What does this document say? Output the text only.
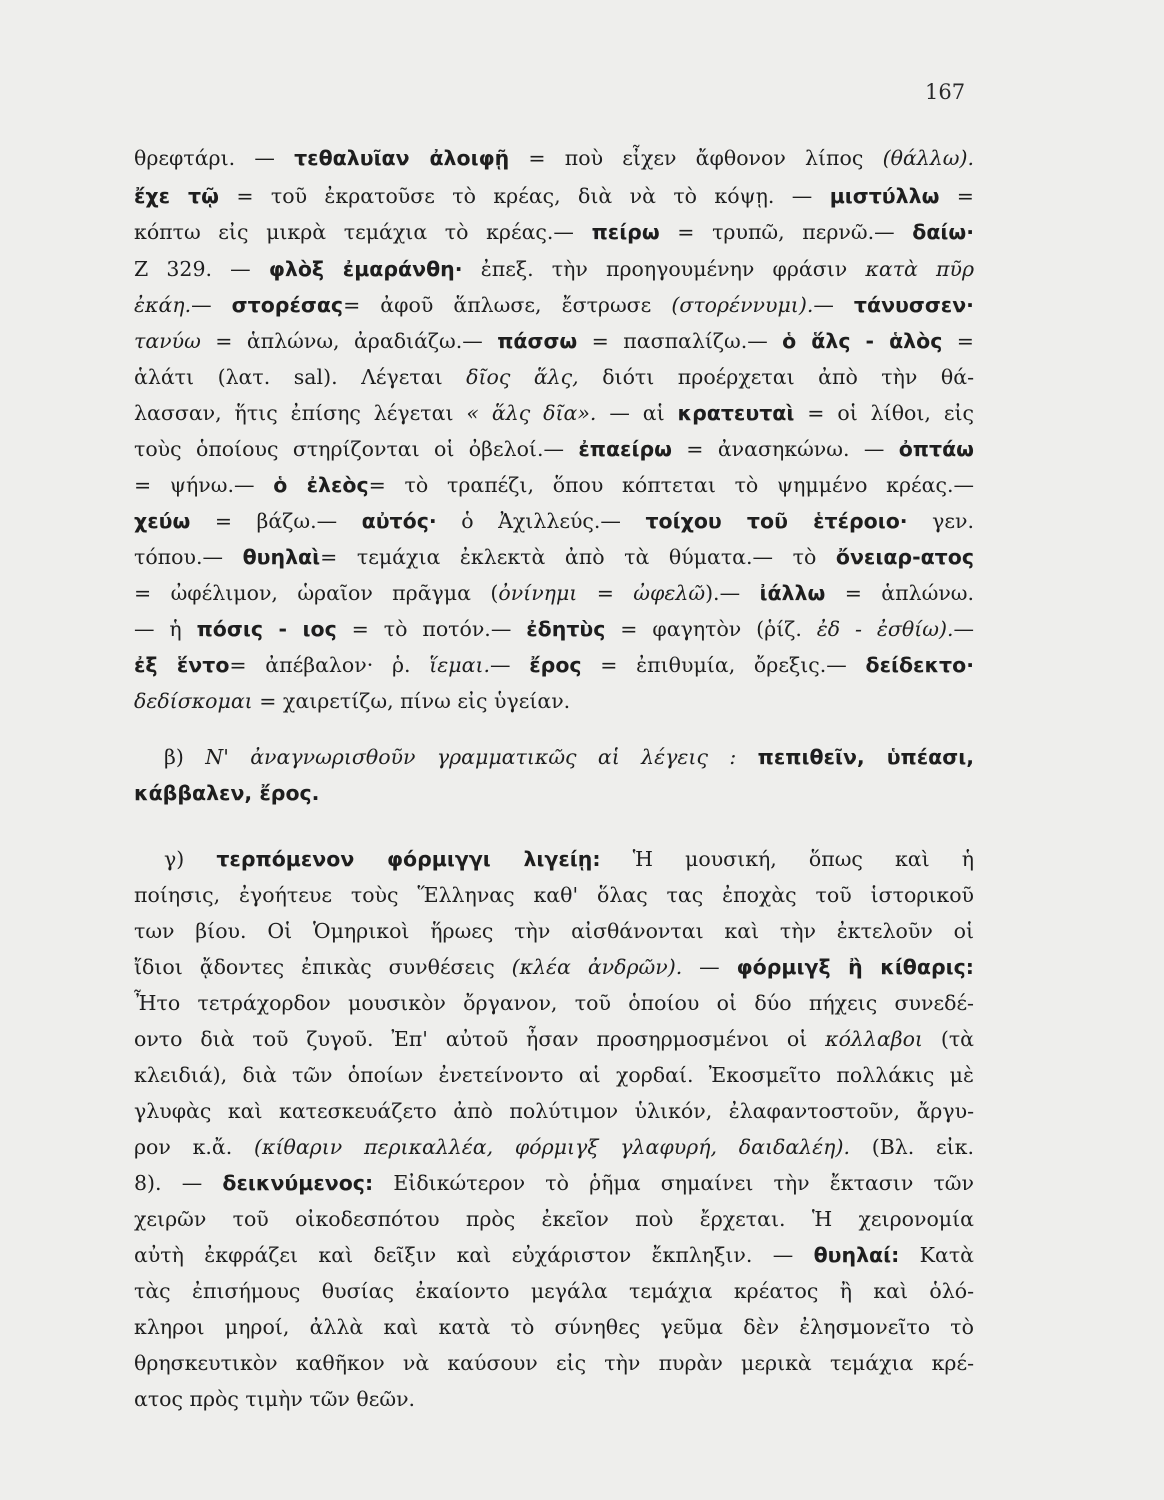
167
θρεφτάρι. — τεθαλυῖαν ἀλοιφῇ = ποὺ εἶχεν ἄφθονον λίπος (θάλλω).
ἔχε τῷ = τοῦ ἐκρατοῦσε τὸ κρέας, διὰ νὰ τὸ κόψῃ. — μιστύλλω =
κόπτω εἰς μικρὰ τεμάχια τὸ κρέας.— πείρω = τρυπῶ, περνῶ.— δαίω·
Ζ 329. — φλὸξ ἐμαράνθη· ἐπεξ. τὴν προηγουμένην φράσιν κατὰ πῦρ
ἐκάη.— στορέσας= ἀφοῦ ἅπλωσε, ἔστρωσε (στορέννυμι).— τάνυσσεν·
τανύω = ἁπλώνω, ἀραδιάζω.— πάσσω = πασπαλίζω.— ὁ ἅλς - ἁλὸς =
ἁλάτι (λατ. sal). Λέγεται δῖος ἅλς, διότι προέρχεται ἀπὸ τὴν θά-
λασσαν, ἥτις ἐπίσης λέγεται « ἅλς δῖα». — αἱ κρατευταὶ = οἱ λίθοι, εἰς
τοὺς ὁποίους στηρίζονται οἱ ὀβελοί.— ἐπαείρω = ἀνασηκώνω. — ὀπτάω
= ψήνω.— ὁ ἐλεὸς= τὸ τραπέζι, ὅπου κόπτεται τὸ ψημμένο κρέας.—
χεύω = βάζω.— αὐτός· ὁ Ἀχιλλεύς.— τοίχου τοῦ ἑτέροιο· γεν.
τόπου.— θυηλαὶ= τεμάχια ἐκλεκτὰ ἀπὸ τὰ θύματα.— τὸ ὄνειαρ-ατος
= ὠφέλιμον, ὡραῖον πρᾶγμα (ὀνίνημι = ὠφελῶ).— ἰάλλω = ἁπλώνω.
— ἡ πόσις - ιος = τὸ ποτόν.— ἐδητὺς = φαγητὸν (ῥίζ. ἐδ - ἐσθίω).—
ἐξ ἕντο= ἀπέβαλον· ῥ. ἵεμαι.— ἔρος = ἐπιθυμία, ὄρεξις.— δείδεκτο·
δεδίσκομαι = χαιρετίζω, πίνω εἰς ὑγείαν.
β) Ν' ἀναγνωρισθοῦν γραμματικῶς αἱ λέγεις : πεπιθεῖν, ὑπέασι,
κάββαλεν, ἔρος.
γ) τερπόμενον φόρμιγγι λιγείῃ: Ἡ μουσική, ὅπως καὶ ἡ
ποίησις, ἐγοήτευε τοὺς Ἕλληνας καθ' ὅλας τας ἐποχὰς τοῦ ἱστορικοῦ
των βίου. Οἱ Ὁμηρικοὶ ἥρωες τὴν αἰσθάνονται καὶ τὴν ἐκτελοῦν οἱ
ἴδιοι ᾄδοντες ἐπικὰς συνθέσεις (κλέα ἀνδρῶν). — φόρμιγξ ἢ κίθαρις:
Ἦτο τετράχορδον μουσικὸν ὄργανον, τοῦ ὁποίου οἱ δύο πήχεις συνεδέ-
οντο διὰ τοῦ ζυγοῦ. Ἐπ' αὐτοῦ ἦσαν προσηρμοσμένοι οἱ κόλλαβοι (τὰ
κλειδιά), διὰ τῶν ὁποίων ἐνετείνοντο αἱ χορδαί. Ἐκοσμεῖτο πολλάκις μὲ
γλυφὰς καὶ κατεσκευάζετο ἀπὸ πολύτιμον ὑλικόν, ἐλαφαντοστοῦν, ἄργυ-
ρον κ.ἄ. (κίθαριν περικαλλέα, φόρμιγξ γλαφυρή, δαιδαλέη). (Βλ. εἰκ.
8). — δεικνύμενος: Εἰδικώτερον τὸ ῥῆμα σημαίνει τὴν ἔκτασιν τῶν
χειρῶν τοῦ οἰκοδεσπότου πρὸς ἐκεῖον ποὺ ἔρχεται. Ἡ χειρονομία
αὐτὴ ἐκφράζει καὶ δεῖξιν καὶ εὐχάριστον ἔκπληξιν. — θυηλαί: Κατὰ
τὰς ἐπισήμους θυσίας ἐκαίοντο μεγάλα τεμάχια κρέατος ἢ καὶ ὁλό-
κληροι μηροί, ἀλλὰ καὶ κατὰ τὸ σύνηθες γεῦμα δὲν ἐλησμονεῖτο τὸ
θρησκευτικὸν καθῆκον νὰ καύσουν εἰς τὴν πυρὰν μερικὰ τεμάχια κρέ-
ατος πρὸς τιμὴν τῶν θεῶν.
